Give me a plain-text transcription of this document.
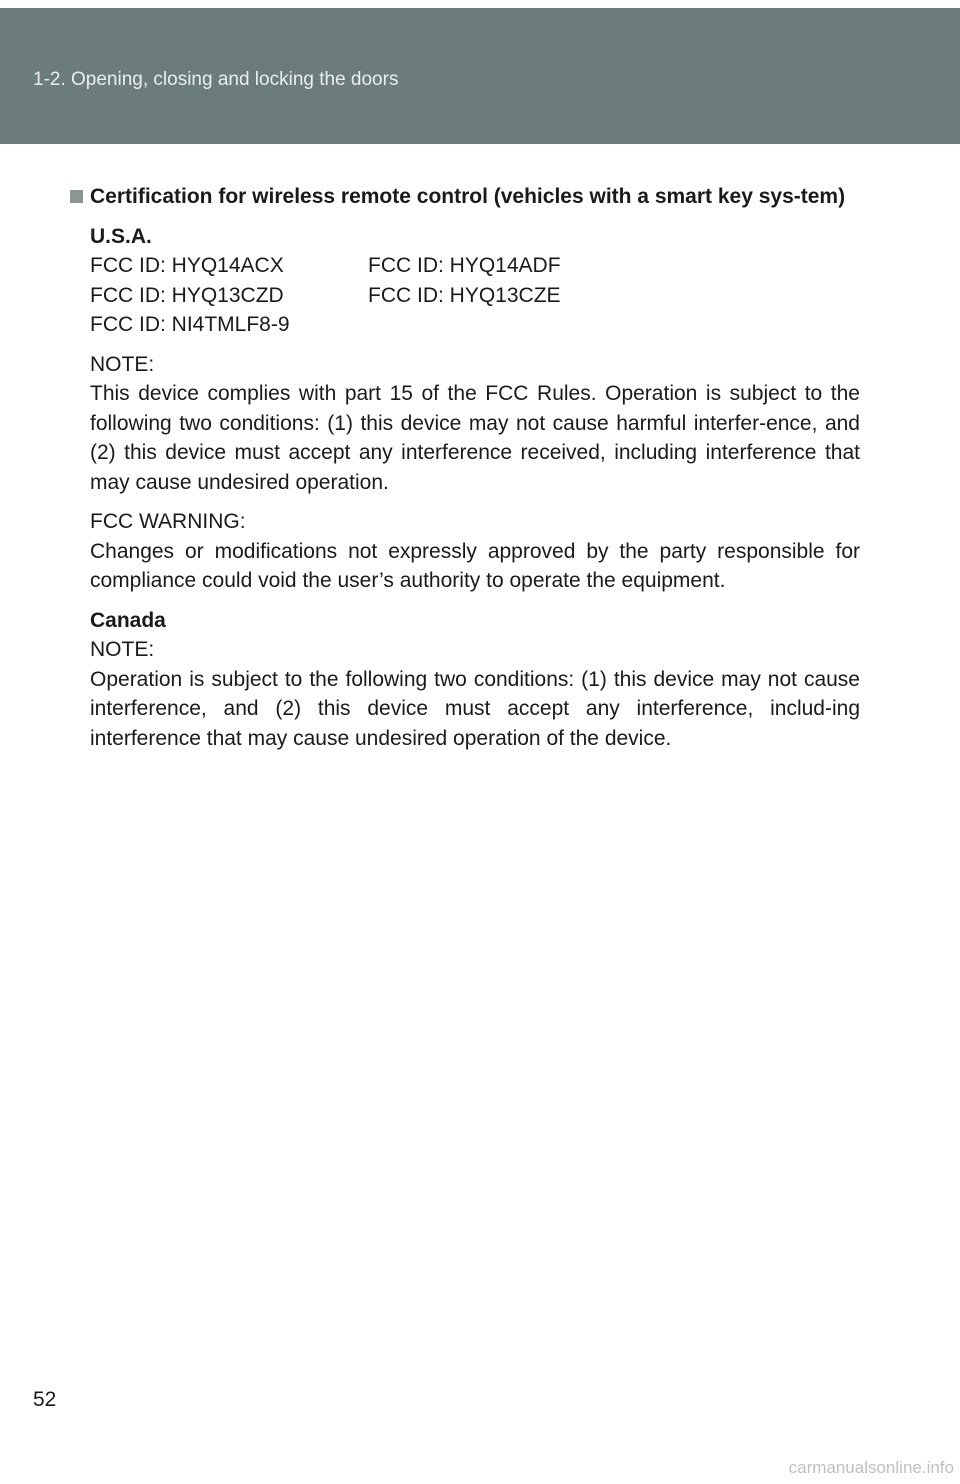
1-2. Opening, closing and locking the doors
Certification for wireless remote control (vehicles with a smart key sys-tem)
U.S.A.
FCC ID: HYQ14ACX	FCC ID: HYQ14ADF
FCC ID: HYQ13CZD	FCC ID: HYQ13CZE
FCC ID: NI4TMLF8-9
NOTE:
This device complies with part 15 of the FCC Rules. Operation is subject to the following two conditions: (1) this device may not cause harmful interfer-ence, and (2) this device must accept any interference received, including interference that may cause undesired operation.
FCC WARNING:
Changes or modifications not expressly approved by the party responsible for compliance could void the user’s authority to operate the equipment.
Canada
NOTE:
Operation is subject to the following two conditions: (1) this device may not cause interference, and (2) this device must accept any interference, includ-ing interference that may cause undesired operation of the device.
52
carmanualsonline.info
